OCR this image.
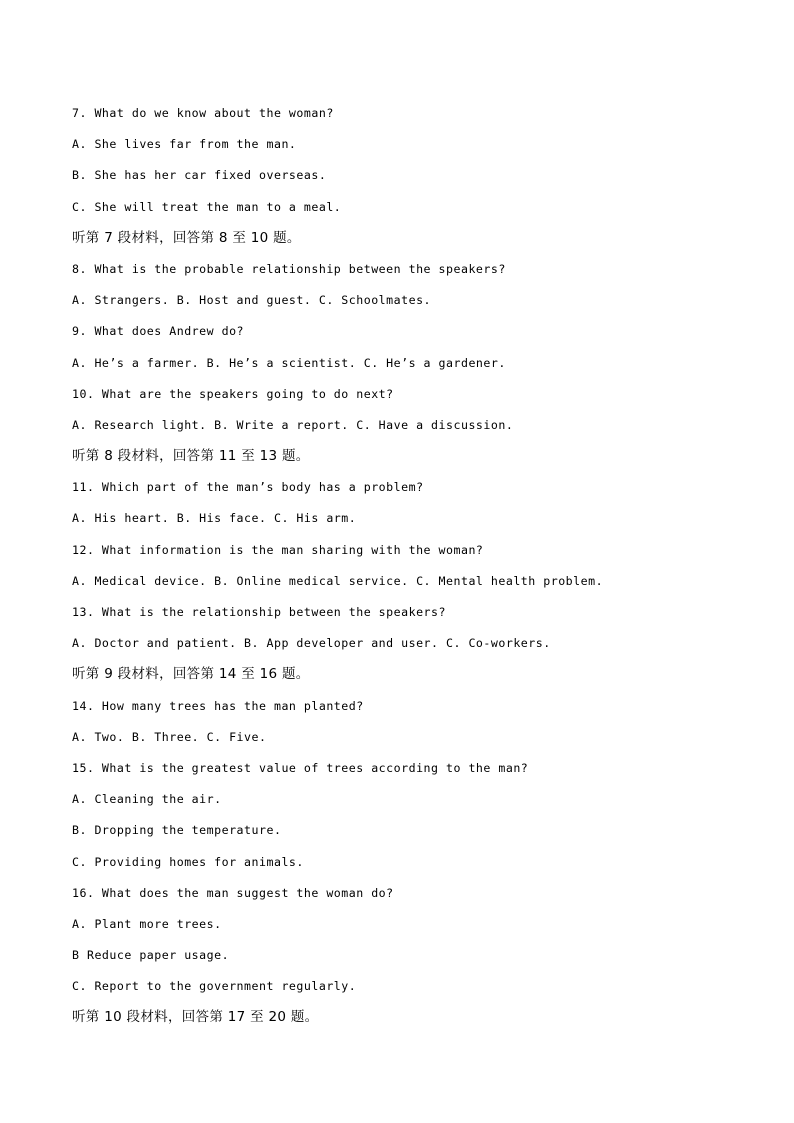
7. What do we know about the woman?
A. She lives far from the man.
B. She has her car fixed overseas.
C. She will treat the man to a meal.
听第 7 段材料，回答第 8 至 10 题。
8. What is the probable relationship between the speakers?
A. Strangers. B. Host and guest. C. Schoolmates.
9. What does Andrew do?
A. He’s a farmer. B. He’s a scientist. C. He’s a gardener.
10. What are the speakers going to do next?
A. Research light. B. Write a report. C. Have a discussion.
听第 8 段材料，回答第 11 至 13 题。
11. Which part of the man’s body has a problem?
A. His heart. B. His face. C. His arm.
12. What information is the man sharing with the woman?
A. Medical device. B. Online medical service. C. Mental health problem.
13. What is the relationship between the speakers?
A. Doctor and patient. B. App developer and user. C. Co-workers.
听第 9 段材料，回答第 14 至 16 题。
14. How many trees has the man planted?
A. Two. B. Three. C. Five.
15. What is the greatest value of trees according to the man?
A. Cleaning the air.
B. Dropping the temperature.
C. Providing homes for animals.
16. What does the man suggest the woman do?
A. Plant more trees.
B Reduce paper usage.
C. Report to the government regularly.
听第 10 段材料，回答第 17 至 20 题。
